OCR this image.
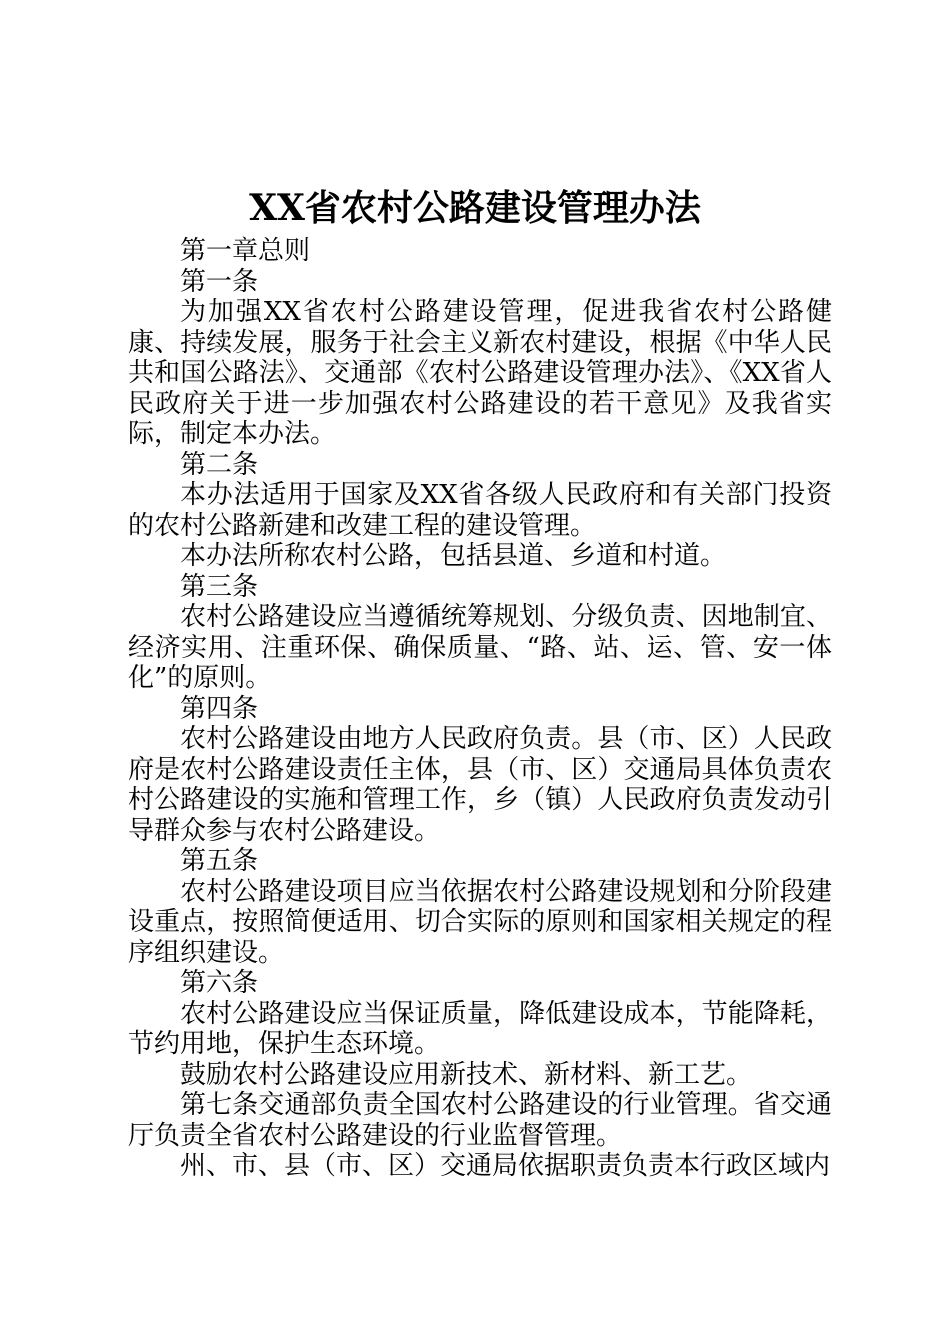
XX省农村公路建设管理办法

第一章总则

第一条

为加强XX省农村公路建设管理，促进我省农村公路健康、持续发展，服务于社会主义新农村建设，根据《中华人民共和国公路法》、交通部《农村公路建设管理办法》、《XX省人民政府关于进一步加强农村公路建设的若干意见》及我省实际，制定本办法。

第二条

本办法适用于国家及XX省各级人民政府和有关部门投资的农村公路新建和改建工程的建设管理。

本办法所称农村公路，包括县道、乡道和村道。

第三条

农村公路建设应当遵循统筹规划、分级负责、因地制宜、经济实用、注重环保、确保质量、“路、站、运、管、安一体化”的原则。

第四条

农村公路建设由地方人民政府负责。县（市、区）人民政府是农村公路建设责任主体，县（市、区）交通局具体负责农村公路建设的实施和管理工作，乡（镇）人民政府负责发动引导群众参与农村公路建设。

第五条

农村公路建设项目应当依据农村公路建设规划和分阶段建设重点，按照简便适用、切合实际的原则和国家相关规定的程序组织建设。

第六条

农村公路建设应当保证质量，降低建设成本，节能降耗，节约用地，保护生态环境。

鼓励农村公路建设应用新技术、新材料、新工艺。

第七条交通部负责全国农村公路建设的行业管理。省交通厅负责全省农村公路建设的行业监督管理。

州、市、县（市、区）交通局依据职责负责本行政区域内
